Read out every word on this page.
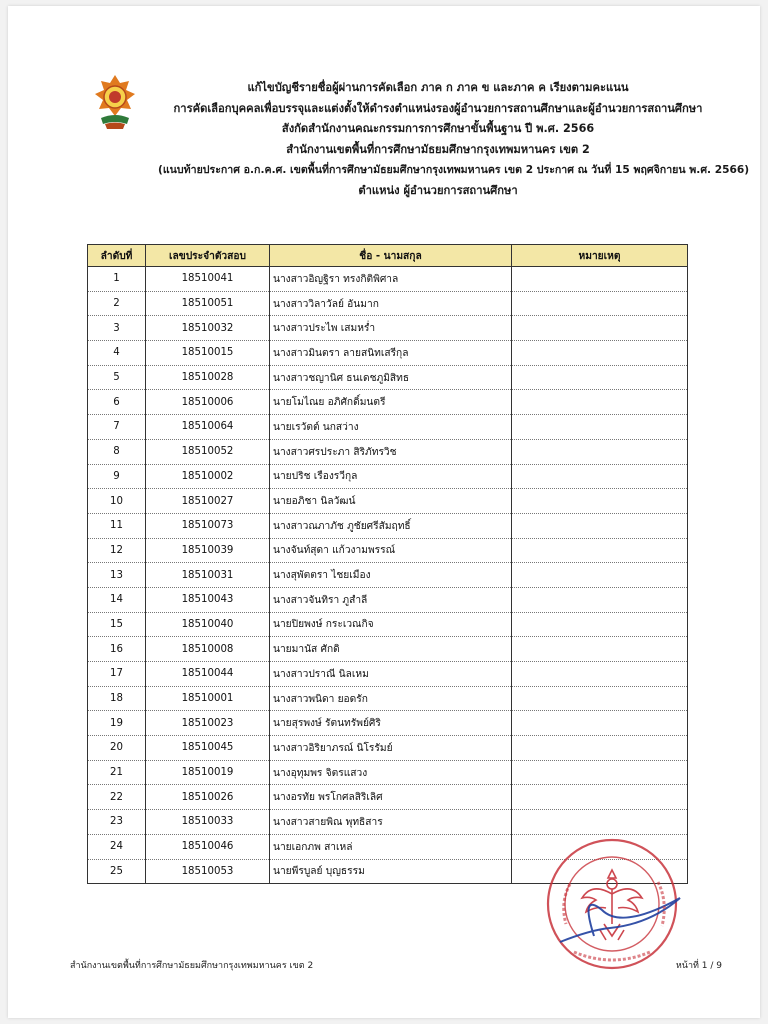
แก้ไขบัญชีรายชื่อผู้ผ่านการคัดเลือก ภาค ก ภาค ข และภาค ค เรียงตามคะแนน
การคัดเลือกบุคคลเพื่อบรรจุและแต่งตั้งให้ดำรงตำแหน่งรองผู้อำนวยการสถานศึกษาและผู้อำนวยการสถานศึกษา
สังกัดสำนักงานคณะกรรมการการศึกษาขั้นพื้นฐาน ปี พ.ศ. 2566
สำนักงานเขตพื้นที่การศึกษามัธยมศึกษากรุงเทพมหานคร เขต 2
(แนบท้ายประกาศ อ.ก.ค.ศ. เขตพื้นที่การศึกษามัธยมศึกษากรุงเทพมหานคร เขต 2 ประกาศ ณ วันที่ 15 พฤศจิกายน พ.ศ. 2566)
ตำแหน่ง ผู้อำนวยการสถานศึกษา
ลำดับที่	เลขประจำตัวสอบ	ชื่อ - นามสกุล	หมายเหตุ
1	18510041	นางสาวอิญฐิรา ทรงกิติพิศาล	
2	18510051	นางสาววิลาวัลย์ อันมาก	
3	18510032	นางสาวประไพ เสมหร่ำ	
4	18510015	นางสาวมินตรา ลายสนิทเสรีกุล	
5	18510028	นางสาวชญานิศ ธนเดชภูมิสิทธ	
6	18510006	นายโมไณย อภิศักดิ์มนตรี	
7	18510064	นายเรวัตต์ นกสว่าง	
8	18510052	นางสาวศรประภา สิริภัทรวิช	
9	18510002	นายปริช เรืองรวีกุล	
10	18510027	นายอภิชา นิลวัฒน์	
11	18510073	นางสาวณภาภัช ภูชัยศรีสัมฤทธิ์	
12	18510039	นางจันท์สุดา แก้วงามพรรณ์	
13	18510031	นางสุพัตตรา ไชยเมือง	
14	18510043	นางสาวจันทิรา ภูสำลี	
15	18510040	นายปิยพงษ์ กระเวณกิจ	
16	18510008	นายมานัส ศักดิ	
17	18510044	นางสาวปราณี นิลเหม	
18	18510001	นางสาวพนิดา ยอดรัก	
19	18510023	นายสุรพงษ์ รัตนทรัพย์ศิริ	
20	18510045	นางสาวอิริยาภรณ์ นิโรรัมย์	
21	18510019	นางอุทุมพร จิตรแสวง	
22	18510026	นางอรทัย พรโกศลสิริเลิศ	
23	18510033	นางสาวสายพิณ พุทธิสาร	
24	18510046	นายเอกภพ สาเหล่	
25	18510053	นายพีรบูลย์ บุญธรรม	
สำนักงานเขตพื้นที่การศึกษามัธยมศึกษากรุงเทพมหานคร เขต 2	หน้าที่ 1 / 9
